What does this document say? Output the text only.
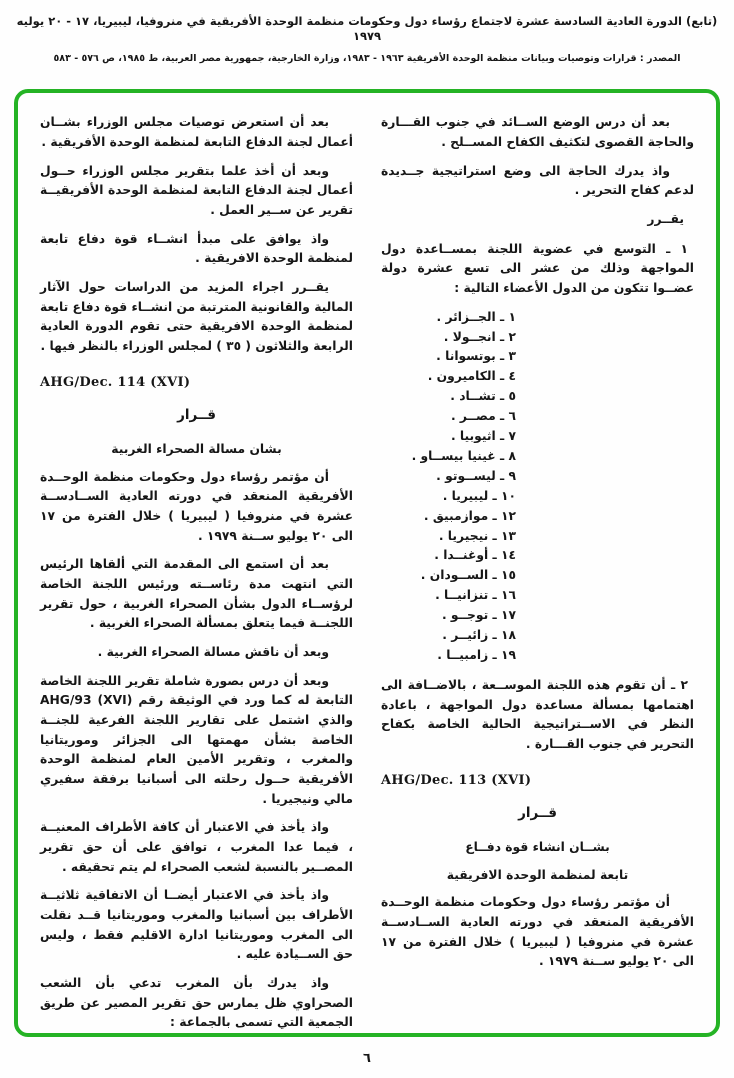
(تابع) الدورة العادية السادسة عشرة لاجتماع رؤساء دول وحكومات منظمة الوحدة الأفريقية في منروفيا، ليبيريا، ١٧ - ٢٠ يوليه ١٩٧٩
المصدر : قرارات وتوصيات وبيانات منظمة الوحدة الأفريقية ١٩٦٣ - ١٩٨٣، وزارة الخارجية، جمهورية مصر العربية، ط ١٩٨٥، ص ٥٧٦ - ٥٨٣

بعد أن درس الوضع الســائد في جنوب القـــارة والحاجة القصوى لتكثيف الكفاح المســلح .

واذ يدرك الحاجة الى وضع استراتيجية جــديدة لدعم كفاح التحرير .

يقــرر

١ ـ التوسع في عضوية اللجنة بمســاعدة دول المواجهة وذلك من عشر الى تسع عشرة دولة عضــوا تتكون من الدول الأعضاء التالية :

١ ـ الجــزائر .
٢ ـ انجــولا .
٣ ـ بوتسوانا .
٤ ـ الكاميرون .
٥ ـ تشــاد .
٦ ـ مصــر .
٧ ـ اثيوبيا .
٨ ـ غينيا بيســاو .
٩ ـ ليســوتو .
١٠ ـ ليبيريا .
١٢ ـ موازمبيق .
١٣ ـ نيجيريا .
١٤ ـ أوغنــدا .
١٥ ـ الســودان .
١٦ ـ تنزانيــا .
١٧ ـ توجــو .
١٨ ـ زائيــر .
١٩ ـ زامبيــا .

٢ ـ أن تقوم هذه اللجنة الموســعة ، بالاضــافة الى اهتمامها بمسألة مساعدة دول المواجهة ، باعادة النظر في الاســتراتيجية الحالية الخاصة بكفاح التحرير في جنوب القـــارة .

AHG/Dec. 113 (XVI)
قــرار
بشــان انشاء قوة دفــاع
تابعة لمنظمة الوحدة الافريقية

أن مؤتمر رؤساء دول وحكومات منظمة الوحــدة الأفريقية المنعقد في دورته العادية الســادســة عشرة في منروفيا ( ليبيريا ) خلال الفترة من ١٧ الى ٢٠ يوليو ســنة ١٩٧٩ .

بعد أن استعرض توصيات مجلس الوزراء بشــان أعمال لجنة الدفاع التابعة لمنظمة الوحدة الأفريقية .

وبعد أن أخذ علما بتقرير مجلس الوزراء حــول أعمال لجنة الدفاع التابعة لمنظمة الوحدة الأفريقيــة تقرير عن ســير العمل .

واذ يوافق على مبدأ انشــاء قوة دفاع تابعة لمنظمة الوحدة الافريقية .

يقــرر اجراء المزيد من الدراسات حول الآثار المالية والقانونية المترتبة من انشــاء قوة دفاع تابعة لمنظمة الوحدة الافريقية حتى تقوم الدورة العادية الرابعة والثلاثون ( ٣٥ ) لمجلس الوزراء بالنظر فيها .

AHG/Dec. 114 (XVI)
قــرار
بشان مسالة الصحراء الغربية

أن مؤتمر رؤساء دول وحكومات منظمة الوحــدة الأفريقية المنعقد في دورته العادية الســادســة عشرة في منروفيا ( ليبيريا ) خلال الفترة من ١٧ الى ٢٠ يوليو ســنة ١٩٧٩ .

بعد أن استمع الى المقدمة التي ألقاها الرئيس التي انتهت مدة رئاســته ورئيس اللجنة الخاصة لرؤســاء الدول بشأن الصحراء الغربية ، حول تقرير اللجنــة فيما يتعلق بمسألة الصحراء الغربية .

وبعد أن ناقش مسالة الصحراء الغربية .

وبعد أن درس بصورة شاملة تقرير اللجنة الخاصة التابعة له كما ورد في الوثيقة رقم ‎AHG/93 (XVI)‎ والذي اشتمل على تقارير اللجنة الفرعية للجنــة الخاصة بشأن مهمتها الى الجزائر وموريتانيا والمغرب ، وتقرير الأمين العام لمنظمة الوحدة الأفريقية حــول رحلته الى أسبانيا برفقة سفيري مالي ونيجيريا .

واذ يأخذ في الاعتبار أن كافة الأطراف المعنيــة ، فيما عدا المغرب ، توافق على أن حق تقرير المصــير بالنسبة لشعب الصحراء لم يتم تحقيقه .

واذ يأخذ في الاعتبار أيضــا أن الاتفاقية ثلاثيــة الأطراف بين أسبانيا والمغرب وموريتانيا قــد نقلت الى المغرب وموريتانيا ادارة الاقليم فقط ، وليس حق الســيادة عليه .

واذ يدرك بأن المغرب تدعي بأن الشعب الصحراوي ظل يمارس حق تقرير المصير عن طريق الجمعية التي تسمى بالجماعة :

٦
